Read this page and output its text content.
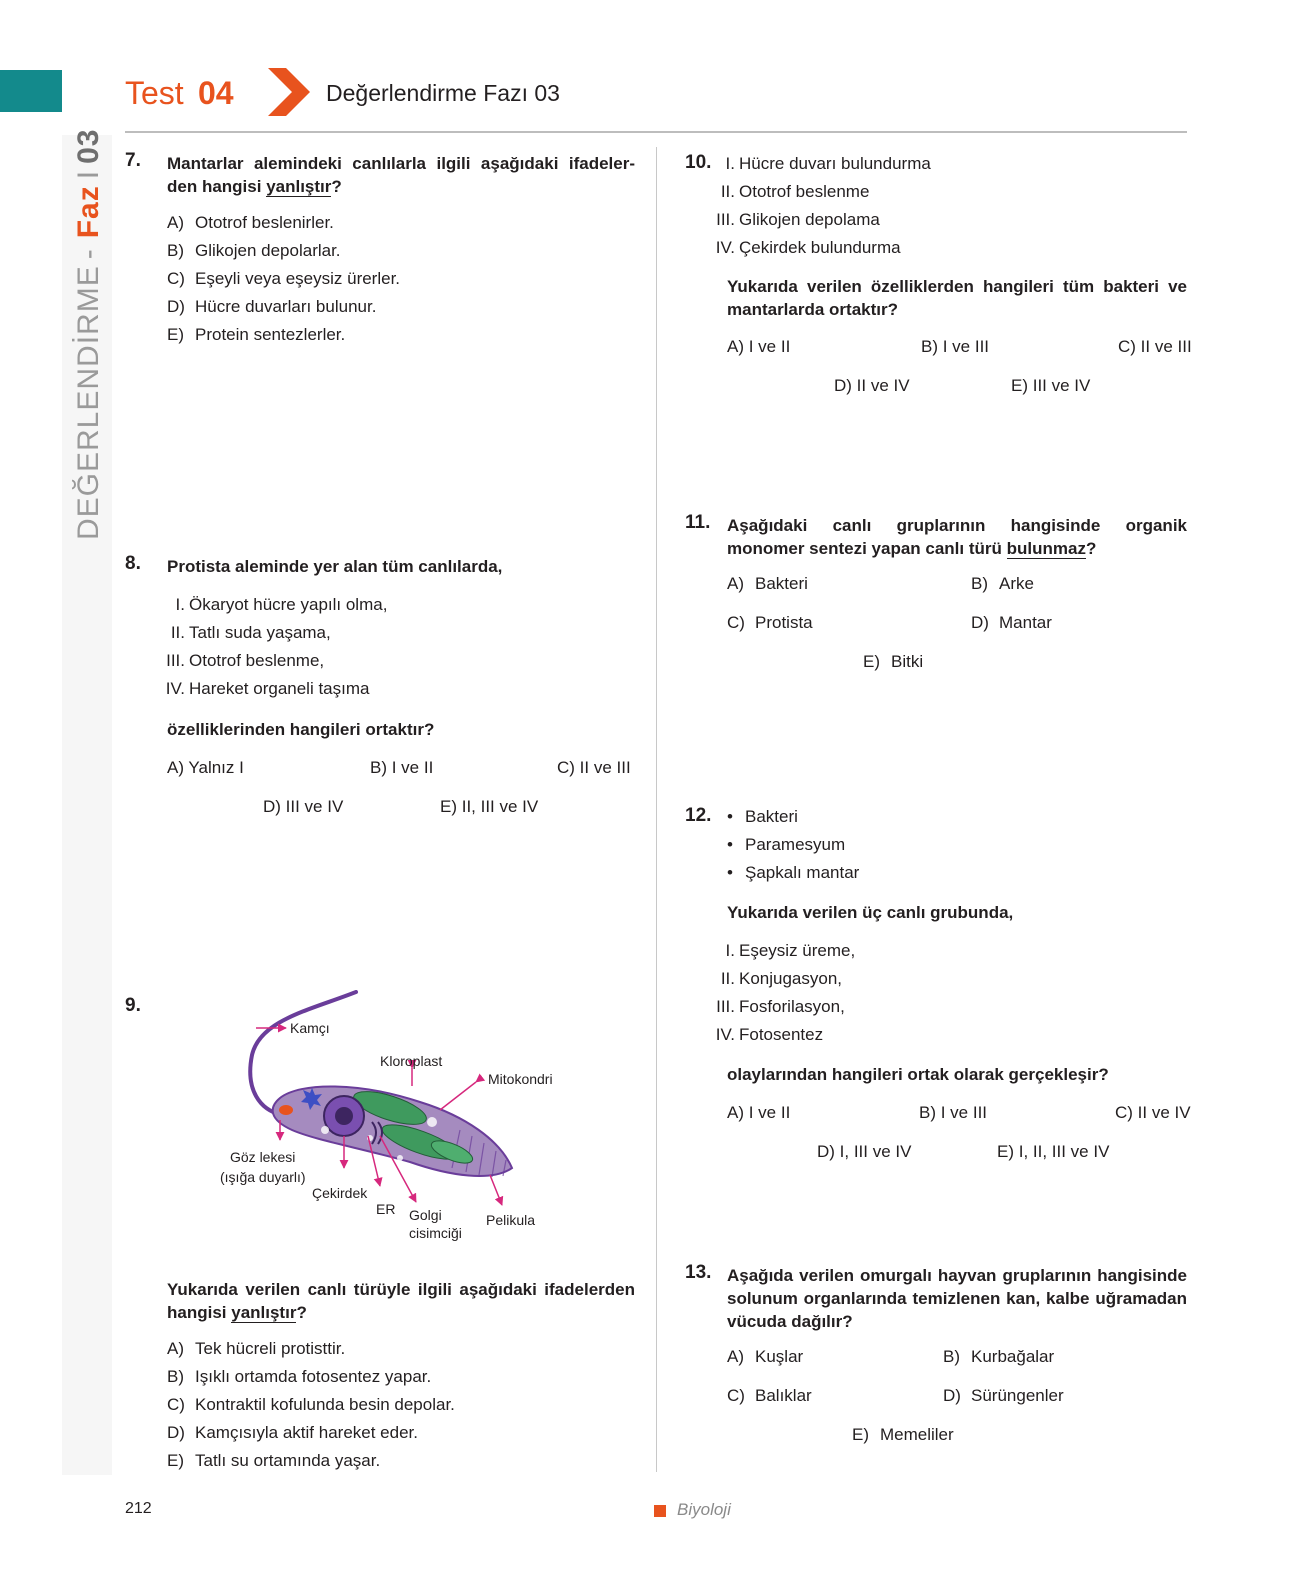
DEĞERLENDİRME
-
Faz
I
03
Test 04	Değerlendirme Fazı 03
7. Mantarlar alemindeki canlılarla ilgili aşağıdaki ifadeler-den hangisi yanlıştır?
A) Ototrof beslenirler.
B) Glikojen depolarlar.
C) Eşeyli veya eşeysiz ürerler.
D) Hücre duvarları bulunur.
E) Protein sentezlerler.
8. Protista aleminde yer alan tüm canlılarda,
I. Ökaryot hücre yapılı olma,
II. Tatlı suda yaşama,
III. Ototrof beslenme,
IV. Hareket organeli taşıma
özelliklerinden hangileri ortaktır?
A) Yalnız I	B) I ve II	C) II ve III
D) III ve IV	E) II, III ve IV
9.
Kamçı
Kloroplast
Mitokondri
Göz lekesi
(ışığa duyarlı)
Çekirdek
ER Golgi
cisimciği
Pelikula
Yukarıda verilen canlı türüyle ilgili aşağıdaki ifadelerden hangisi yanlıştır?
A) Tek hücreli protisttir.
B) Işıklı ortamda fotosentez yapar.
C) Kontraktil kofulunda besin depolar.
D) Kamçısıyla aktif hareket eder.
E) Tatlı su ortamında yaşar.
10. I. Hücre duvarı bulundurma
II. Ototrof beslenme
III. Glikojen depolama
IV. Çekirdek bulundurma
Yukarıda verilen özelliklerden hangileri tüm bakteri ve mantarlarda ortaktır?
A) I ve II	B) I ve III	C) II ve III
D) II ve IV	E) III ve IV
11. Aşağıdaki canlı gruplarının hangisinde organik monomer sentezi yapan canlı türü bulunmaz?
A) Bakteri	B) Arke
C) Protista	D) Mantar
E) Bitki
12. • Bakteri
• Paramesyum
• Şapkalı mantar
Yukarıda verilen üç canlı grubunda,
I. Eşeysiz üreme,
II. Konjugasyon,
III. Fosforilasyon,
IV. Fotosentez
olaylarından hangileri ortak olarak gerçekleşir?
A) I ve II	B) I ve III	C) II ve IV
D) I, III ve IV	E) I, II, III ve IV
13. Aşağıda verilen omurgalı hayvan gruplarının hangisinde solunum organlarında temizlenen kan, kalbe uğramadan vücuda dağılır?
A) Kuşlar	B) Kurbağalar
C) Balıklar	D) Sürüngenler
E) Memeliler
212	Biyoloji
